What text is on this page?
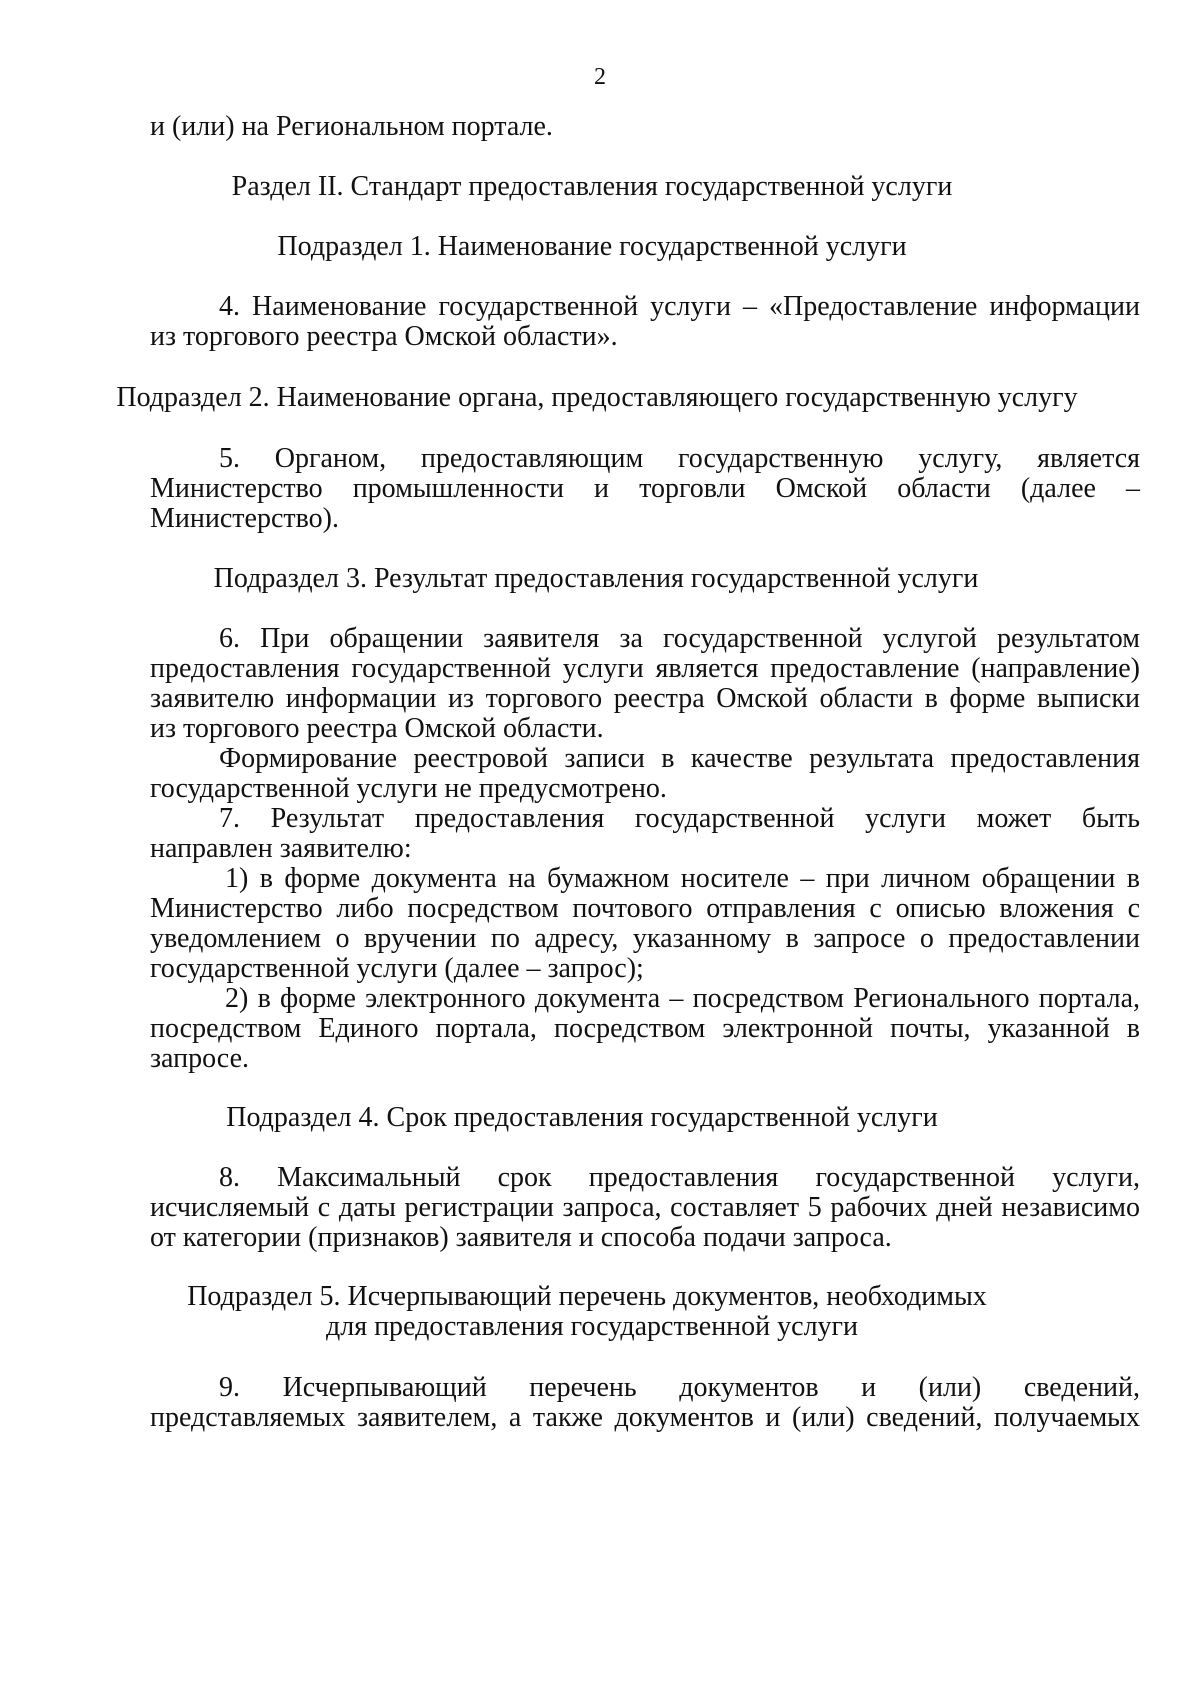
2
и (или) на Региональном портале.
Раздел II. Стандарт предоставления государственной услуги
Подраздел 1. Наименование государственной услуги
4. Наименование государственной услуги – «Предоставление информации
из торгового реестра Омской области».
Подраздел 2. Наименование органа, предоставляющего государственную услугу
5. Органом, предоставляющим государственную услугу, является
Министерство промышленности и торговли Омской области (далее –
Министерство).
Подраздел 3. Результат предоставления государственной услуги
6. При обращении заявителя за государственной услугой результатом
предоставления государственной услуги является предоставление (направление)
заявителю информации из торгового реестра Омской области в форме выписки
из торгового реестра Омской области.
Формирование реестровой записи в качестве результата предоставления
государственной услуги не предусмотрено.
7. Результат предоставления государственной услуги может быть
направлен заявителю:
1) в форме документа на бумажном носителе – при личном обращении в
Министерство либо посредством почтового отправления с описью вложения с
уведомлением о вручении по адресу, указанному в запросе о предоставлении
государственной услуги (далее – запрос);
2) в форме электронного документа – посредством Регионального портала,
посредством Единого портала, посредством электронной почты, указанной в
запросе.
Подраздел 4. Срок предоставления государственной услуги
8. Максимальный срок предоставления государственной услуги,
исчисляемый с даты регистрации запроса, составляет 5 рабочих дней независимо
от категории (признаков) заявителя и способа подачи запроса.
Подраздел 5. Исчерпывающий перечень документов, необходимых
для предоставления государственной услуги
9. Исчерпывающий перечень документов и (или) сведений,
представляемых заявителем, а также документов и (или) сведений, получаемых
